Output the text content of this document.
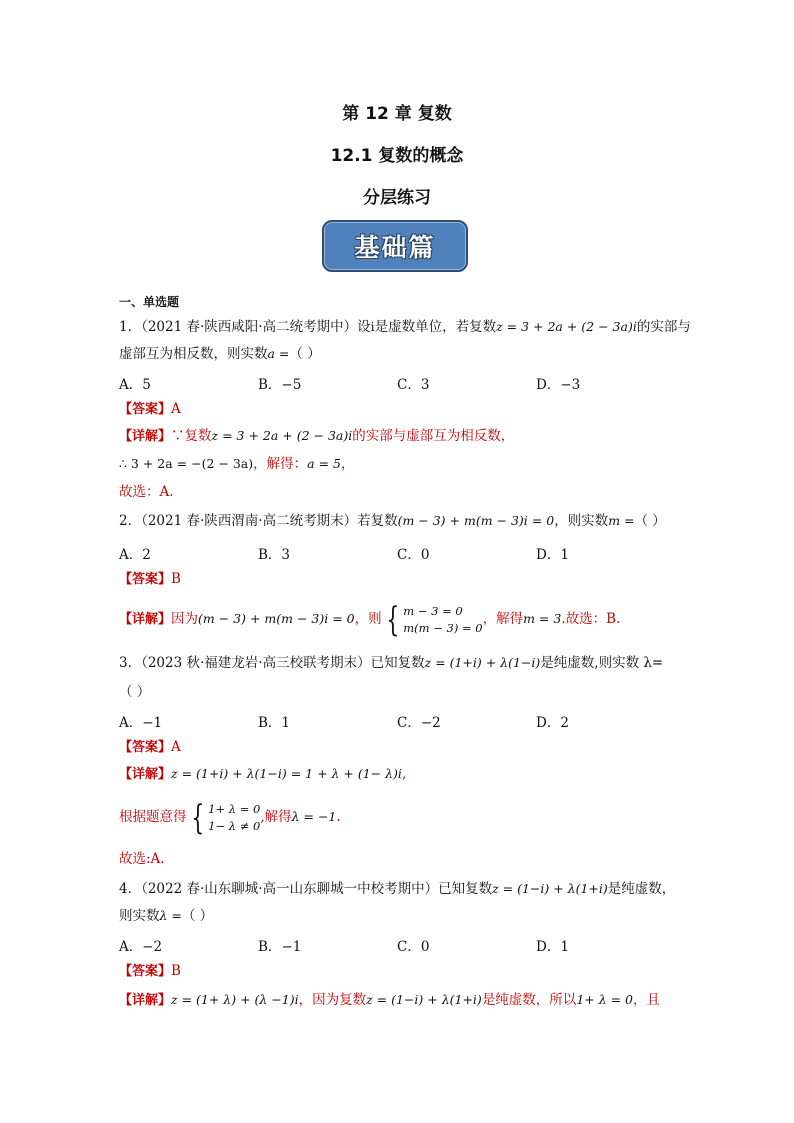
第 12 章 复数
12.1 复数的概念
分层练习
基础篇
一、单选题
1．（2021 春·陕西咸阳·高二统考期中）设i是虚数单位，若复数z = 3 + 2a + (2 − 3a)i的实部与
虚部互为相反数，则实数a =（ ）
A．5	B．−5	C．3	D．−3
【答案】A
【详解】∵复数z = 3 + 2a + (2 − 3a)i的实部与虚部互为相反数，
∴ 3 + 2a = −(2 − 3a)，解得：a = 5，
故选：A.
2．（2021 春·陕西渭南·高二统考期末）若复数(m − 3) + m(m − 3)i = 0，则实数m =（ ）
A．2	B．3	C．0	D．1
【答案】B
【详解】因为(m − 3) + m(m − 3)i = 0，则 { m − 3 = 0
m(m − 3) = 0，解得m = 3.故选：B.
3．（2023 秋·福建龙岩·高三校联考期末）已知复数z = (1+i) + λ(1−i)是纯虚数,则实数 λ=
（ ）
A．−1	B．1	C．−2	D．2
【答案】A
【详解】z = (1+i) + λ(1−i) = 1 + λ + (1− λ)i,
根据题意得 { 1+ λ = 0
1− λ ≠ 0,解得λ = −1.
故选:A.
4．（2022 春·山东聊城·高一山东聊城一中校考期中）已知复数z = (1−i) + λ(1+i)是纯虚数，
则实数λ =（ ）
A．−2	B．−1	C．0	D．1
【答案】B
【详解】z = (1+ λ) + (λ −1)i，因为复数z = (1−i) + λ(1+i)是纯虚数，所以1+ λ = 0，且
